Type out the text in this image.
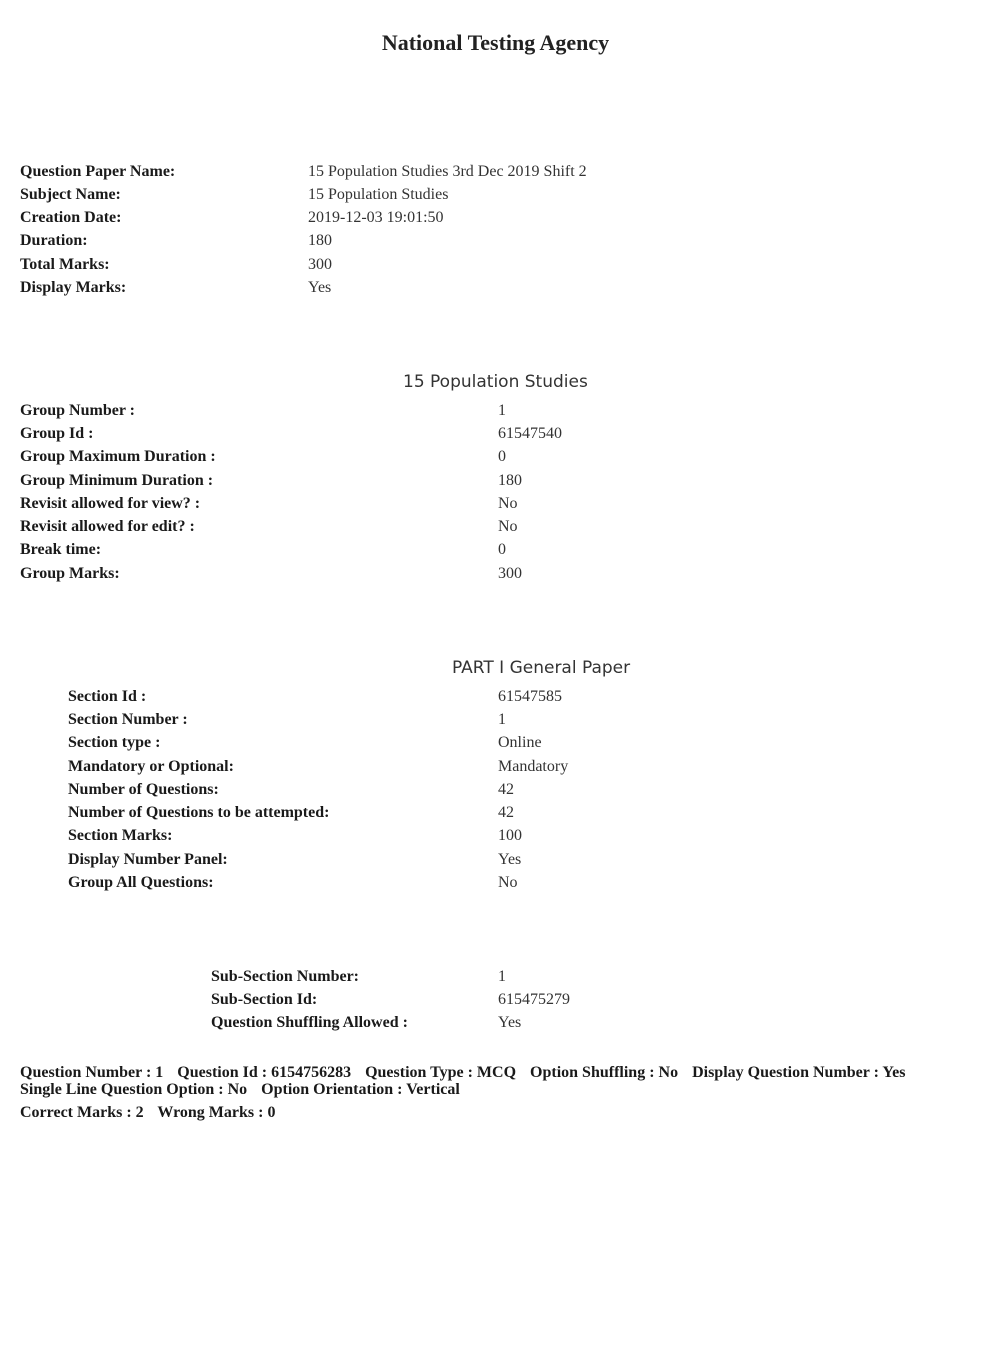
National Testing Agency
Question Paper Name:	15 Population Studies 3rd Dec 2019 Shift 2
Subject Name:	15 Population Studies
Creation Date:	2019-12-03 19:01:50
Duration:	180
Total Marks:	300
Display Marks:	Yes
15 Population Studies
Group Number :	1
Group Id :	61547540
Group Maximum Duration :	0
Group Minimum Duration :	180
Revisit allowed for view? :	No
Revisit allowed for edit? :	No
Break time:	0
Group Marks:	300
PART I General Paper
Section Id :	61547585
Section Number :	1
Section type :	Online
Mandatory or Optional:	Mandatory
Number of Questions:	42
Number of Questions to be attempted:	42
Section Marks:	100
Display Number Panel:	Yes
Group All Questions:	No
Sub-Section Number:	1
Sub-Section Id:	615475279
Question Shuffling Allowed :	Yes
Question Number : 1 Question Id : 6154756283 Question Type : MCQ Option Shuffling : No Display Question Number : Yes
Single Line Question Option : No Option Orientation : Vertical
Correct Marks : 2 Wrong Marks : 0
